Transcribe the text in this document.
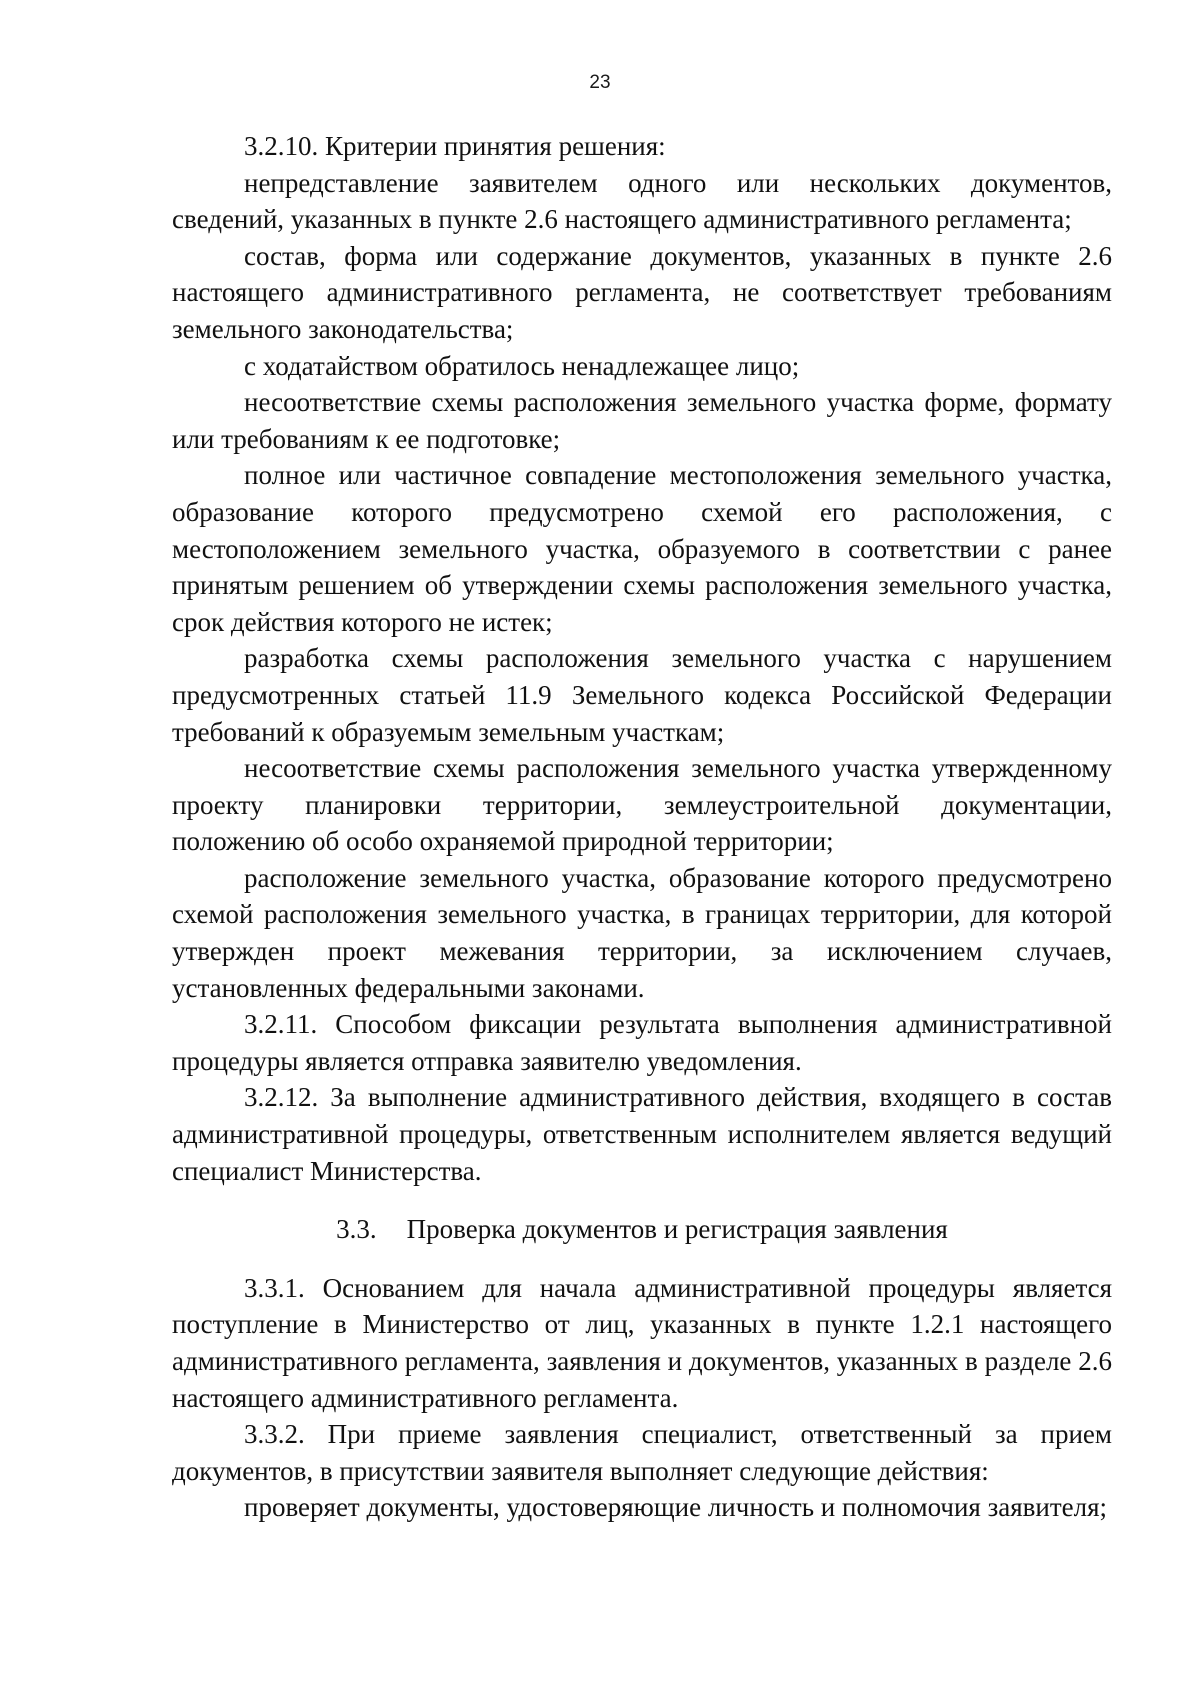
23

3.2.10. Критерии принятия решения:

непредставление заявителем одного или нескольких документов, сведений, указанных в пункте 2.6 настоящего административного регламента;

состав, форма или содержание документов, указанных в пункте 2.6 настоящего административного регламента, не соответствует требованиям земельного законодательства;

с ходатайством обратилось ненадлежащее лицо;

несоответствие схемы расположения земельного участка форме, формату или требованиям к ее подготовке;

полное или частичное совпадение местоположения земельного участка, образование которого предусмотрено схемой его расположения, с местоположением земельного участка, образуемого в соответствии с ранее принятым решением об утверждении схемы расположения земельного участка, срок действия которого не истек;

разработка схемы расположения земельного участка с нарушением предусмотренных статьей 11.9 Земельного кодекса Российской Федерации требований к образуемым земельным участкам;

несоответствие схемы расположения земельного участка утвержденному проекту планировки территории, землеустроительной документации, положению об особо охраняемой природной территории;

расположение земельного участка, образование которого предусмотрено схемой расположения земельного участка, в границах территории, для которой утвержден проект межевания территории, за исключением случаев, установленных федеральными законами.

3.2.11. Способом фиксации результата выполнения административной процедуры является отправка заявителю уведомления.

3.2.12. За выполнение административного действия, входящего в состав административной процедуры, ответственным исполнителем является ведущий специалист Министерства.

3.3. Проверка документов и регистрация заявления

3.3.1. Основанием для начала административной процедуры является поступление в Министерство от лиц, указанных в пункте 1.2.1 настоящего административного регламента, заявления и документов, указанных в разделе 2.6 настоящего административного регламента.

3.3.2. При приеме заявления специалист, ответственный за прием документов, в присутствии заявителя выполняет следующие действия:

проверяет документы, удостоверяющие личность и полномочия заявителя;
